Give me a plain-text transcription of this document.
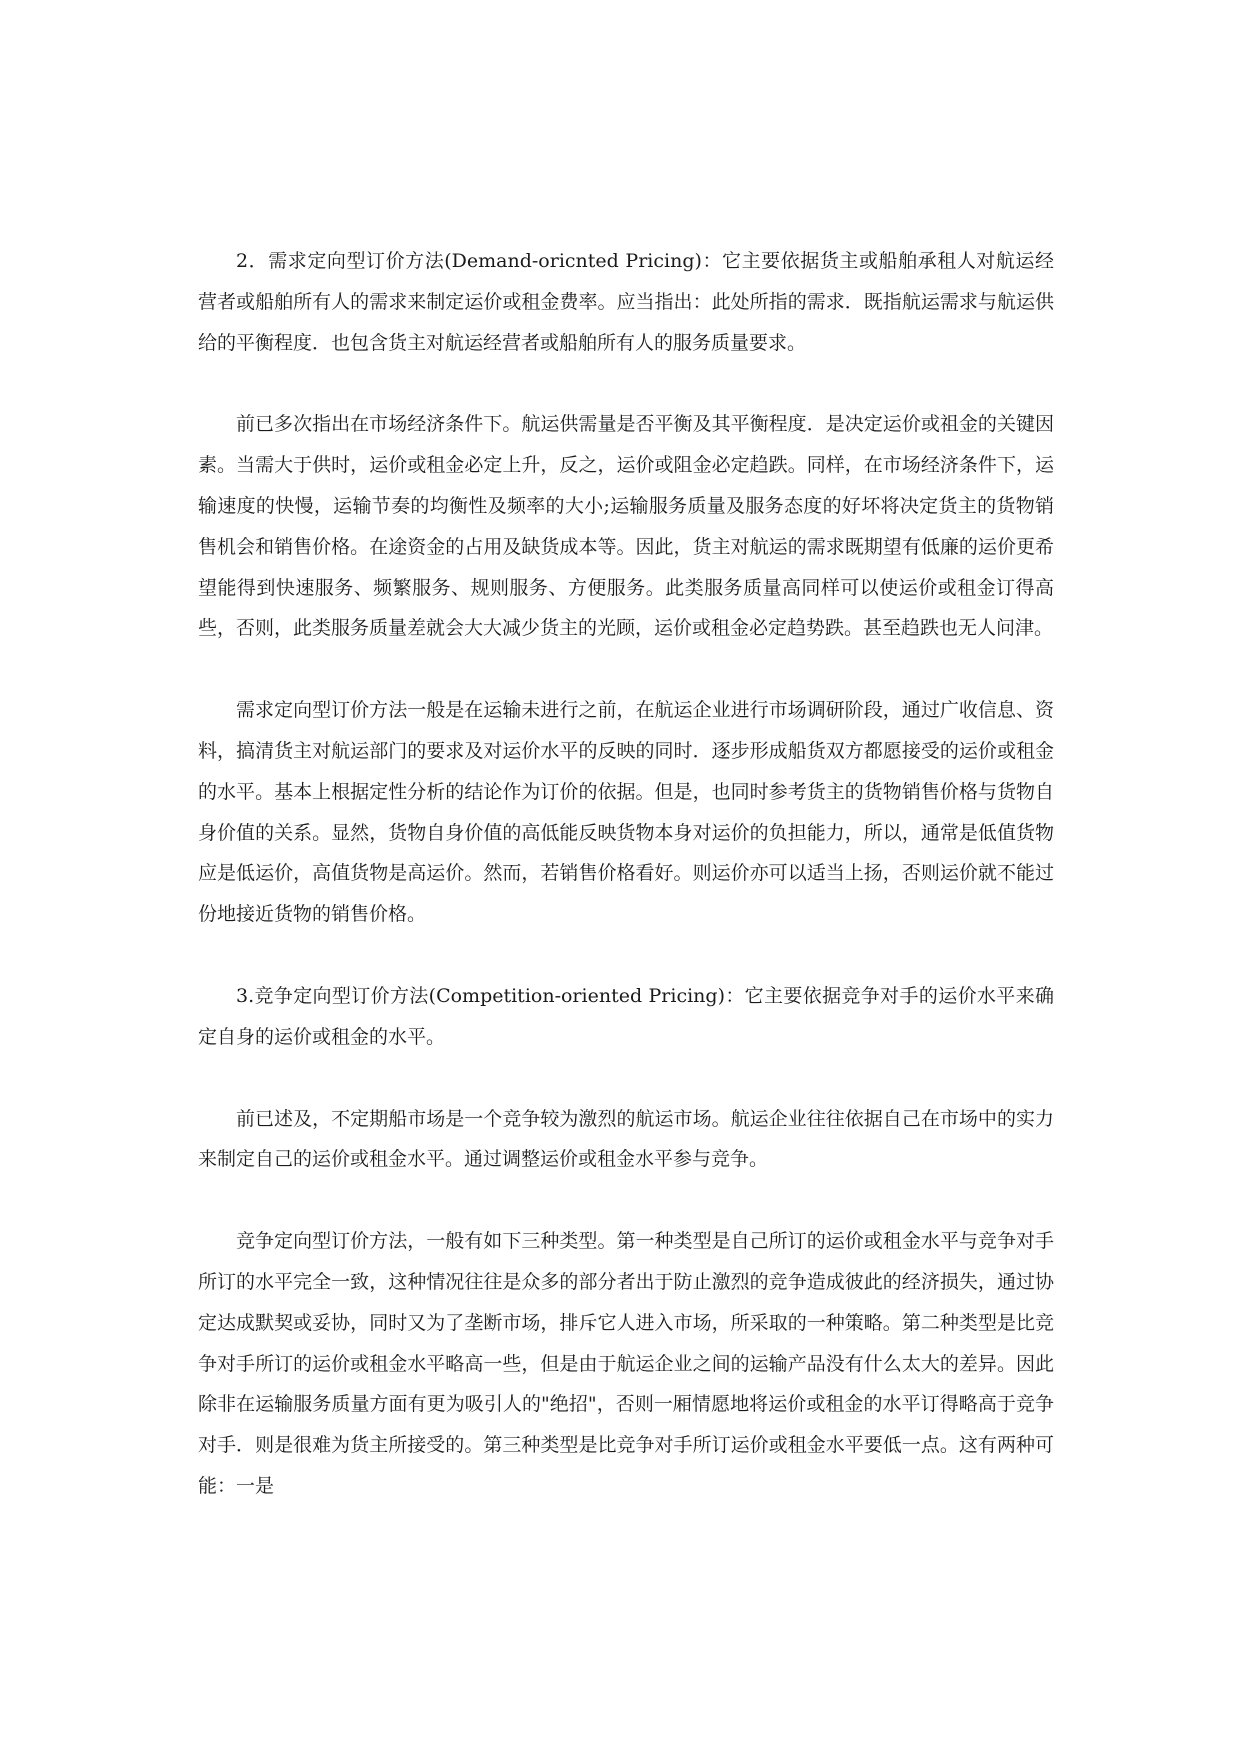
2．需求定向型订价方法(Demand-oricnted Pricing)：它主要依据货主或船舶承租人对航运经营者或船舶所有人的需求来制定运价或租金费率。应当指出：此处所指的需求．既指航运需求与航运供给的平衡程度．也包含货主对航运经营者或船舶所有人的服务质量要求。

前已多次指出在市场经济条件下。航运供需量是否平衡及其平衡程度．是决定运价或祖金的关键因素。当需大于供时，运价或租金必定上升，反之，运价或阻金必定趋跌。同样，在市场经济条件下，运输速度的快慢，运输节奏的均衡性及频率的大小;运输服务质量及服务态度的好坏将决定货主的货物销售机会和销售价格。在途资金的占用及缺货成本等。因此，货主对航运的需求既期望有低廉的运价更希望能得到快速服务、频繁服务、规则服务、方便服务。此类服务质量高同样可以使运价或租金订得高些，否则，此类服务质量差就会大大减少货主的光顾，运价或租金必定趋势跌。甚至趋跌也无人问津。

需求定向型订价方法一般是在运输未进行之前，在航运企业进行市场调研阶段，通过广收信息、资料，搞清货主对航运部门的要求及对运价水平的反映的同时．逐步形成船货双方都愿接受的运价或租金的水平。基本上根据定性分析的结论作为订价的依据。但是，也同时参考货主的货物销售价格与货物自身价值的关系。显然，货物自身价值的高低能反映货物本身对运价的负担能力，所以，通常是低值货物应是低运价，高值货物是高运价。然而，若销售价格看好。则运价亦可以适当上扬，否则运价就不能过份地接近货物的销售价格。

3.竞争定向型订价方法(Competition-oriented Pricing)：它主要依据竞争对手的运价水平来确定自身的运价或租金的水平。

前已述及，不定期船市场是一个竞争较为激烈的航运市场。航运企业往往依据自己在市场中的实力来制定自己的运价或租金水平。通过调整运价或租金水平参与竞争。

竞争定向型订价方法，一般有如下三种类型。第一种类型是自己所订的运价或租金水平与竞争对手所订的水平完全一致，这种情况往往是众多的部分者出于防止激烈的竞争造成彼此的经济损失，通过协定达成默契或妥协，同时又为了垄断市场，排斥它人进入市场，所采取的一种策略。第二种类型是比竞争对手所订的运价或租金水平略高一些，但是由于航运企业之间的运输产品没有什么太大的差异。因此除非在运输服务质量方面有更为吸引人的"绝招"，否则一厢情愿地将运价或租金的水平订得略高于竞争对手．则是很难为货主所接受的。第三种类型是比竞争对手所订运价或租金水平要低一点。这有两种可能：一是
